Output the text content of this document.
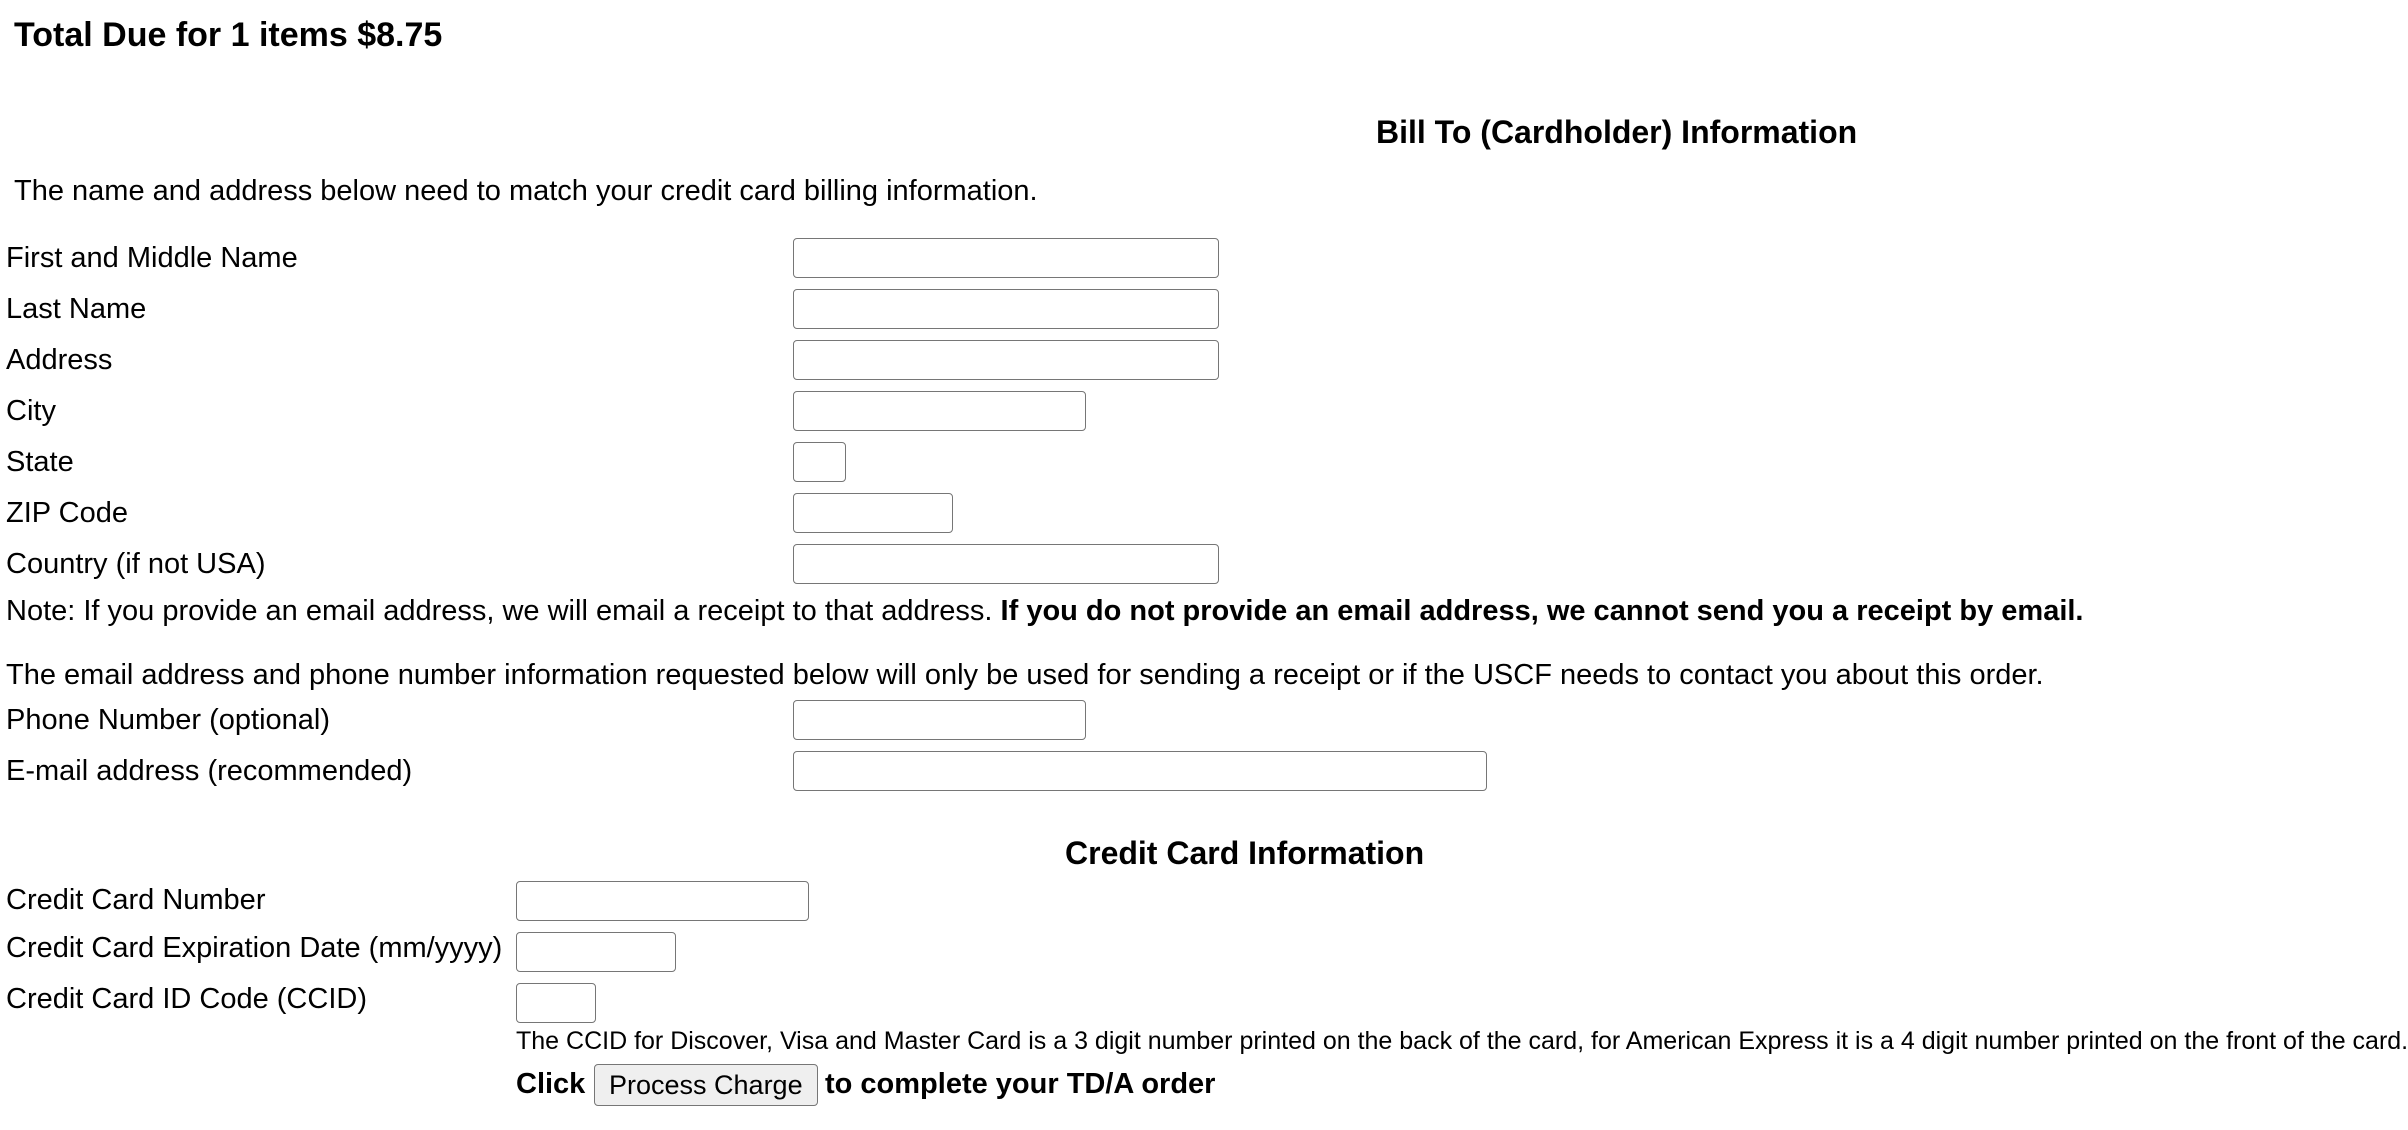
Total Due for 1 items $8.75
Bill To (Cardholder) Information
The name and address below need to match your credit card billing information.
First and Middle Name
Last Name
Address
City
State
ZIP Code
Country (if not USA)
Note: If you provide an email address, we will email a receipt to that address. If you do not provide an email address, we cannot send you a receipt by email.
The email address and phone number information requested below will only be used for sending a receipt or if the USCF needs to contact you about this order.
Phone Number (optional)
E-mail address (recommended)
Credit Card Information
Credit Card Number
Credit Card Expiration Date (mm/yyyy)
Credit Card ID Code (CCID)
The CCID for Discover, Visa and Master Card is a 3 digit number printed on the back of the card, for American Express it is a 4 digit number printed on the front of the card.
Click Process Charge to complete your TD/A order
